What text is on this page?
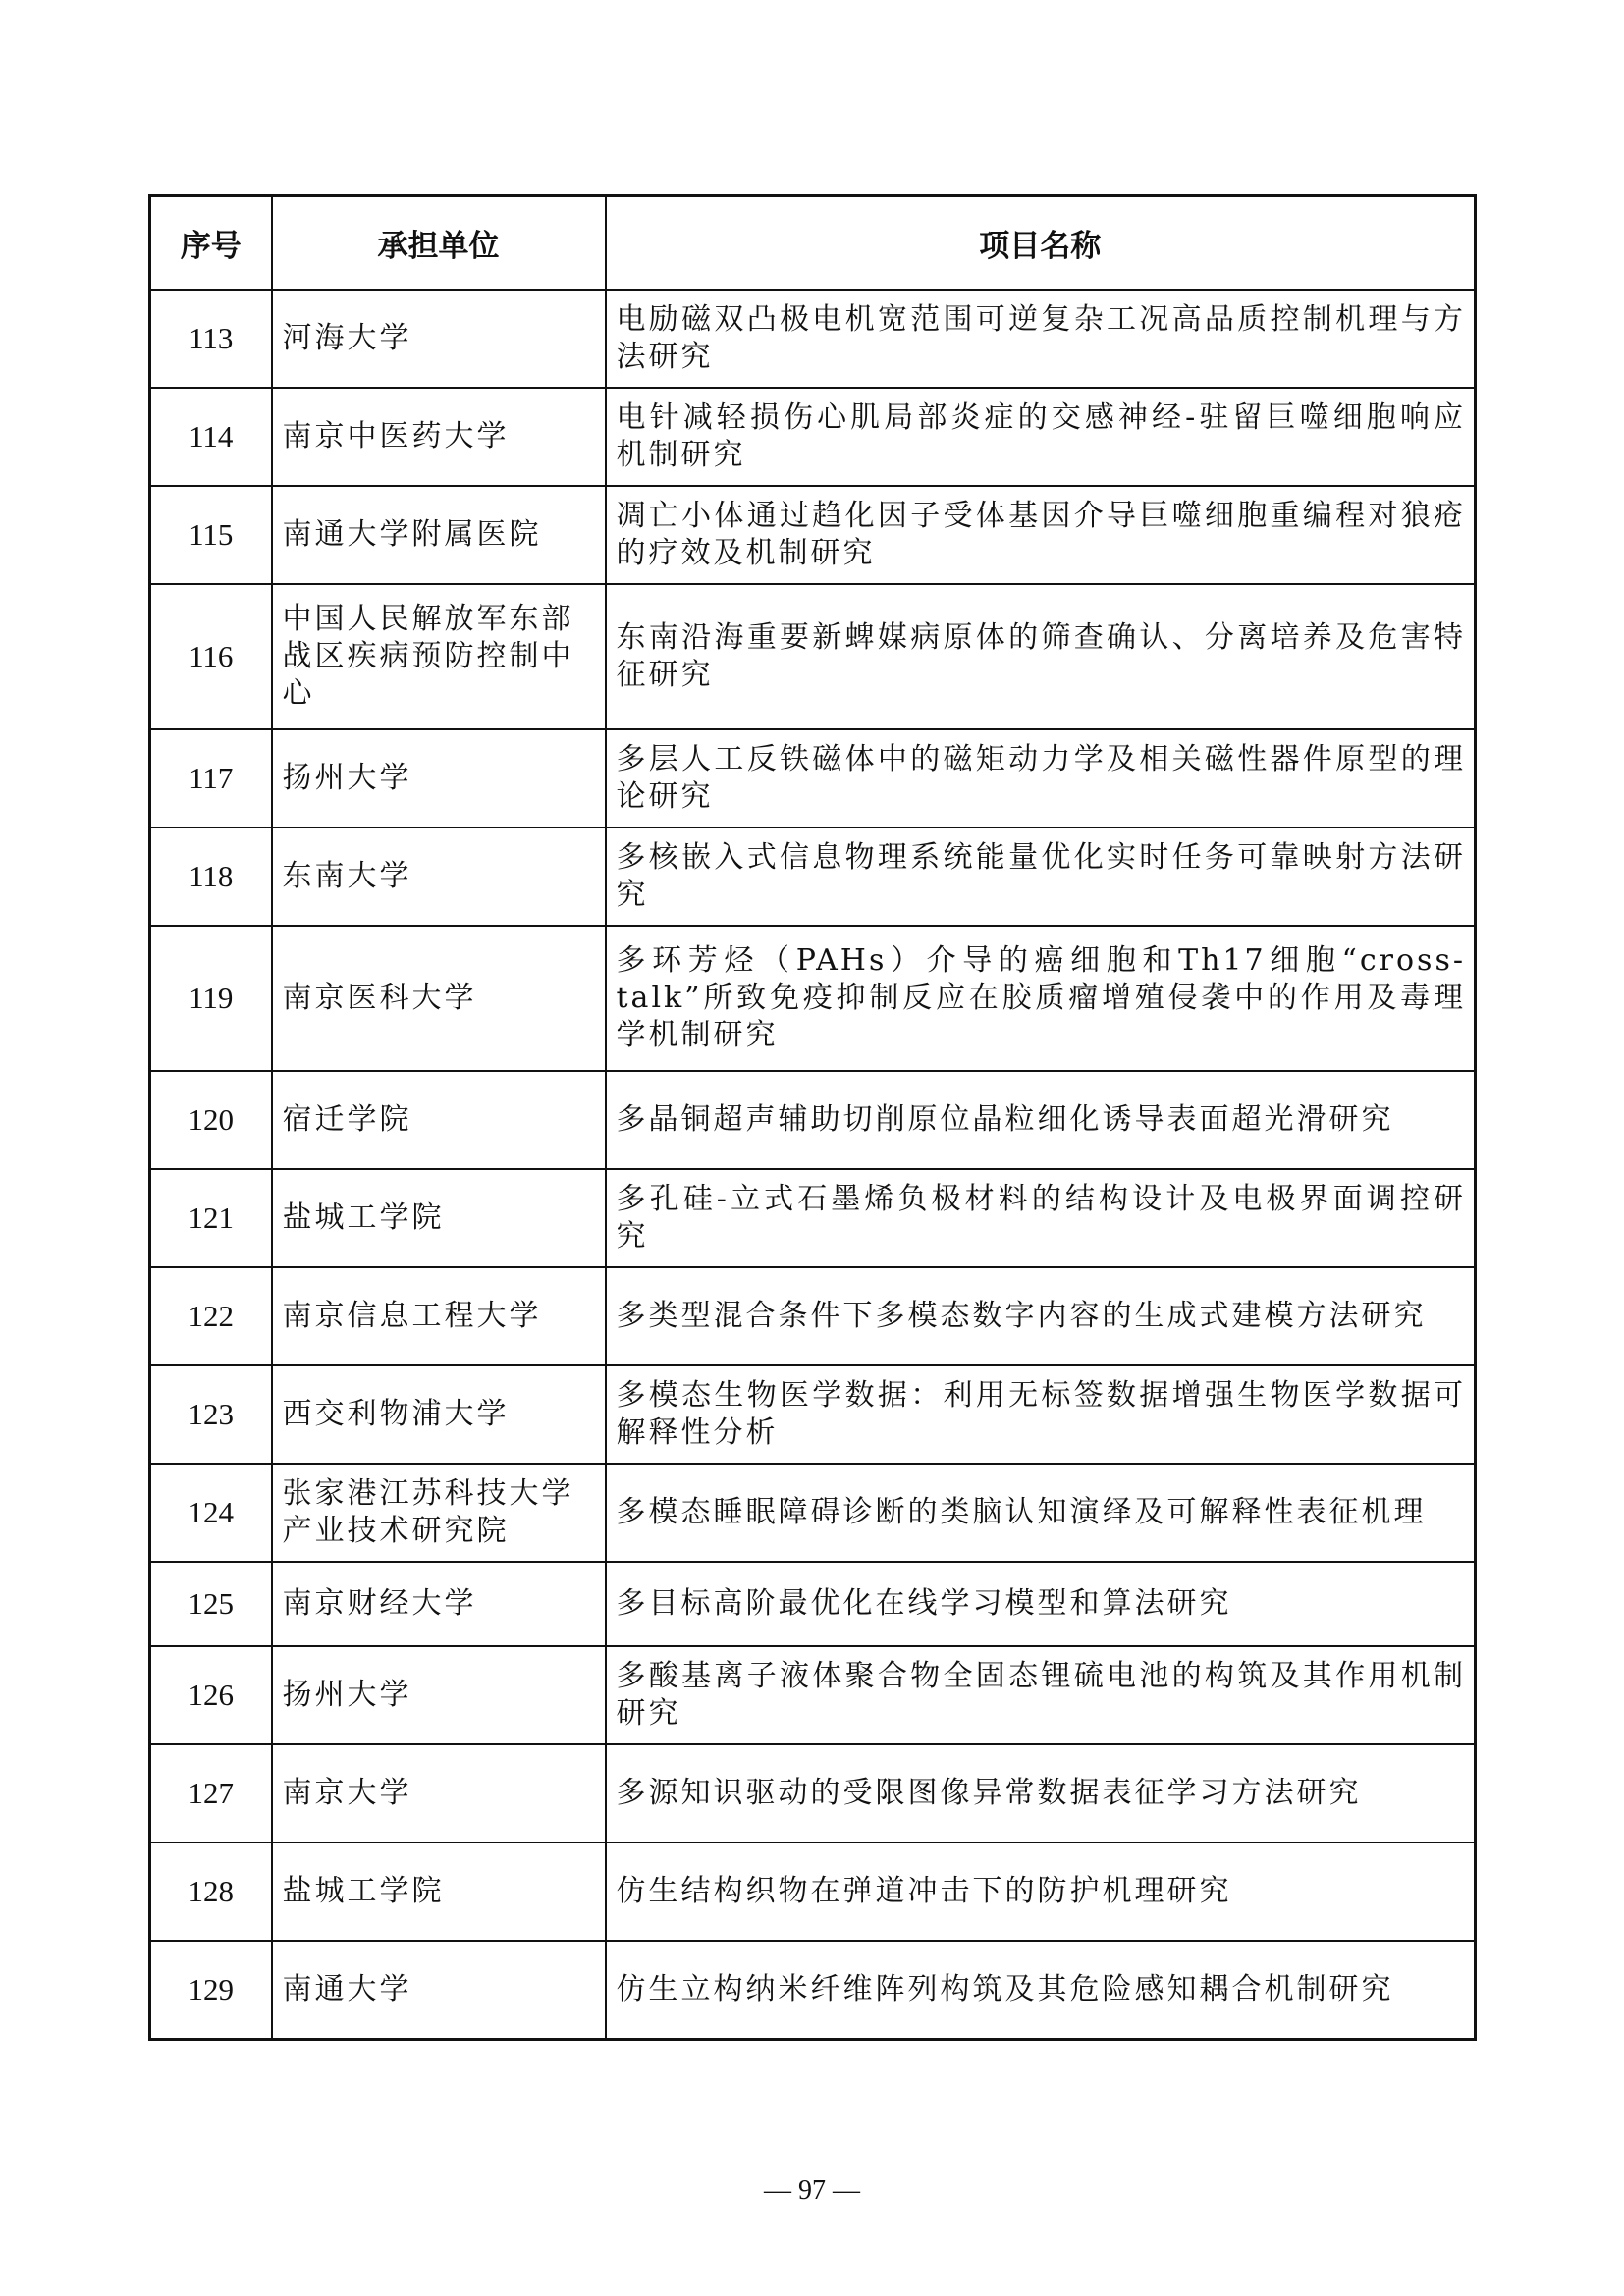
序号	承担单位	项目名称
113	河海大学	电励磁双凸极电机宽范围可逆复杂工况高品质控制机理与方法研究
114	南京中医药大学	电针减轻损伤心肌局部炎症的交感神经-驻留巨噬细胞响应机制研究
115	南通大学附属医院	凋亡小体通过趋化因子受体基因介导巨噬细胞重编程对狼疮的疗效及机制研究
116	中国人民解放军东部战区疾病预防控制中心	东南沿海重要新蜱媒病原体的筛查确认、分离培养及危害特征研究
117	扬州大学	多层人工反铁磁体中的磁矩动力学及相关磁性器件原型的理论研究
118	东南大学	多核嵌入式信息物理系统能量优化实时任务可靠映射方法研究
119	南京医科大学	多环芳烃（PAHs）介导的癌细胞和Th17细胞“cross-talk”所致免疫抑制反应在胶质瘤增殖侵袭中的作用及毒理学机制研究
120	宿迁学院	多晶铜超声辅助切削原位晶粒细化诱导表面超光滑研究
121	盐城工学院	多孔硅-立式石墨烯负极材料的结构设计及电极界面调控研究
122	南京信息工程大学	多类型混合条件下多模态数字内容的生成式建模方法研究
123	西交利物浦大学	多模态生物医学数据：利用无标签数据增强生物医学数据可解释性分析
124	张家港江苏科技大学产业技术研究院	多模态睡眠障碍诊断的类脑认知演绎及可解释性表征机理
125	南京财经大学	多目标高阶最优化在线学习模型和算法研究
126	扬州大学	多酸基离子液体聚合物全固态锂硫电池的构筑及其作用机制研究
127	南京大学	多源知识驱动的受限图像异常数据表征学习方法研究
128	盐城工学院	仿生结构织物在弹道冲击下的防护机理研究
129	南通大学	仿生立构纳米纤维阵列构筑及其危险感知耦合机制研究
— 97 —
